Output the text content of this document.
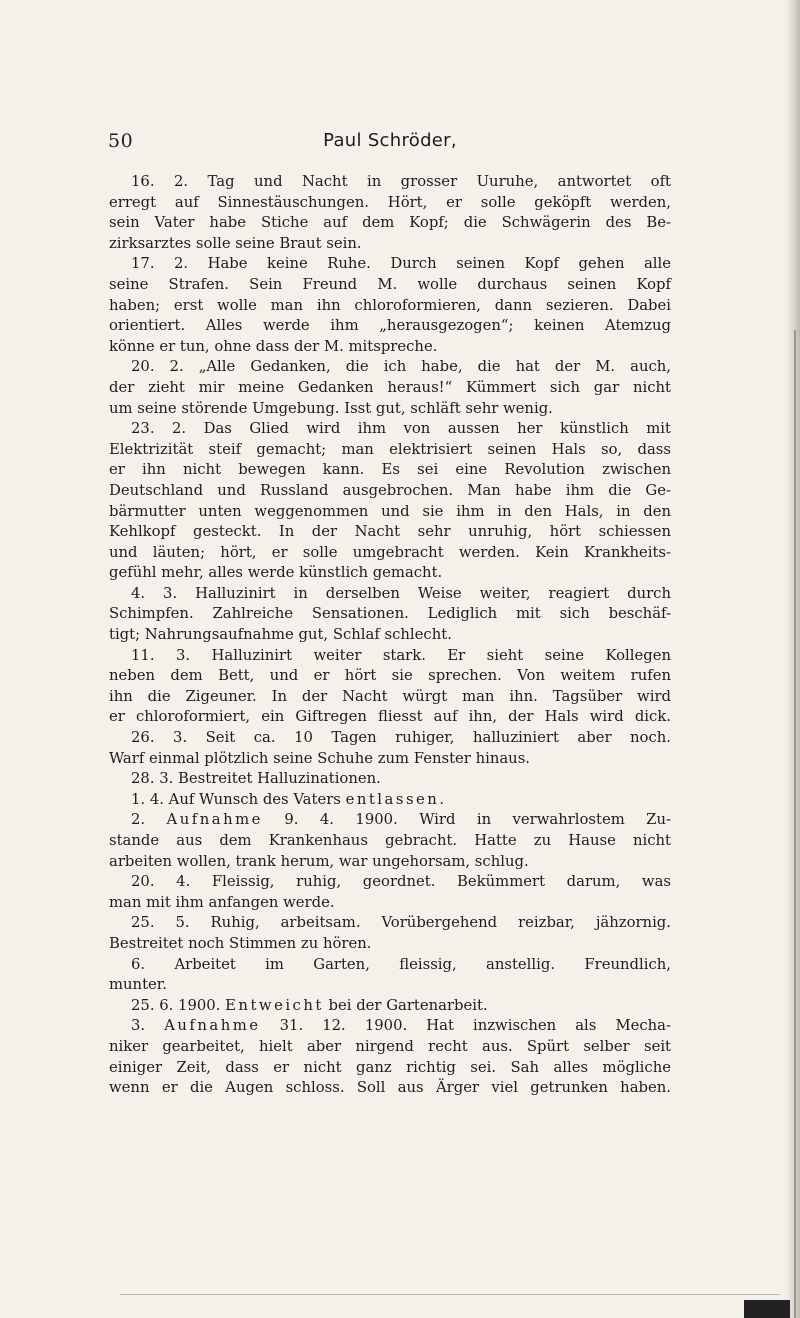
50	Paul Schröder,
16. 2. Tag und Nacht in grosser Uuruhe, antwortet oft
erregt auf Sinnestäuschungen. Hört, er solle geköpft werden,
sein Vater habe Stiche auf dem Kopf; die Schwägerin des Be-
zirksarztes solle seine Braut sein.
17. 2. Habe keine Ruhe. Durch seinen Kopf gehen alle
seine Strafen. Sein Freund M. wolle durchaus seinen Kopf
haben; erst wolle man ihn chloroformieren, dann sezieren. Dabei
orientiert. Alles werde ihm „herausgezogen“; keinen Atemzug
könne er tun, ohne dass der M. mitspreche.
20. 2. „Alle Gedanken, die ich habe, die hat der M. auch,
der zieht mir meine Gedanken heraus!“ Kümmert sich gar nicht
um seine störende Umgebung. Isst gut, schläft sehr wenig.
23. 2. Das Glied wird ihm von aussen her künstlich mit
Elektrizität steif gemacht; man elektrisiert seinen Hals so, dass
er ihn nicht bewegen kann. Es sei eine Revolution zwischen
Deutschland und Russland ausgebrochen. Man habe ihm die Ge-
bärmutter unten weggenommen und sie ihm in den Hals, in den
Kehlkopf gesteckt. In der Nacht sehr unruhig, hört schiessen
und läuten; hört, er solle umgebracht werden. Kein Krankheits-
gefühl mehr, alles werde künstlich gemacht.
4. 3. Halluzinirt in derselben Weise weiter, reagiert durch
Schimpfen. Zahlreiche Sensationen. Lediglich mit sich beschäf-
tigt; Nahrungsaufnahme gut, Schlaf schlecht.
11. 3. Halluzinirt weiter stark. Er sieht seine Kollegen
neben dem Bett, und er hört sie sprechen. Von weitem rufen
ihn die Zigeuner. In der Nacht würgt man ihn. Tagsüber wird
er chloroformiert, ein Giftregen fliesst auf ihn, der Hals wird dick.
26. 3. Seit ca. 10 Tagen ruhiger, halluziniert aber noch.
Warf einmal plötzlich seine Schuhe zum Fenster hinaus.
28. 3. Bestreitet Halluzinationen.
1. 4. Auf Wunsch des Vaters entlassen.
2. Aufnahme 9. 4. 1900. Wird in verwahrlostem Zu-
stande aus dem Krankenhaus gebracht. Hatte zu Hause nicht
arbeiten wollen, trank herum, war ungehorsam, schlug.
20. 4. Fleissig, ruhig, geordnet. Bekümmert darum, was
man mit ihm anfangen werde.
25. 5. Ruhig, arbeitsam. Vorübergehend reizbar, jähzornig.
Bestreitet noch Stimmen zu hören.
6. Arbeitet im Garten, fleissig, anstellig. Freundlich,
munter.
25. 6. 1900. Entweicht bei der Gartenarbeit.
3. Aufnahme 31. 12. 1900. Hat inzwischen als Mecha-
niker gearbeitet, hielt aber nirgend recht aus. Spürt selber seit
einiger Zeit, dass er nicht ganz richtig sei. Sah alles mögliche
wenn er die Augen schloss. Soll aus Ärger viel getrunken haben.
